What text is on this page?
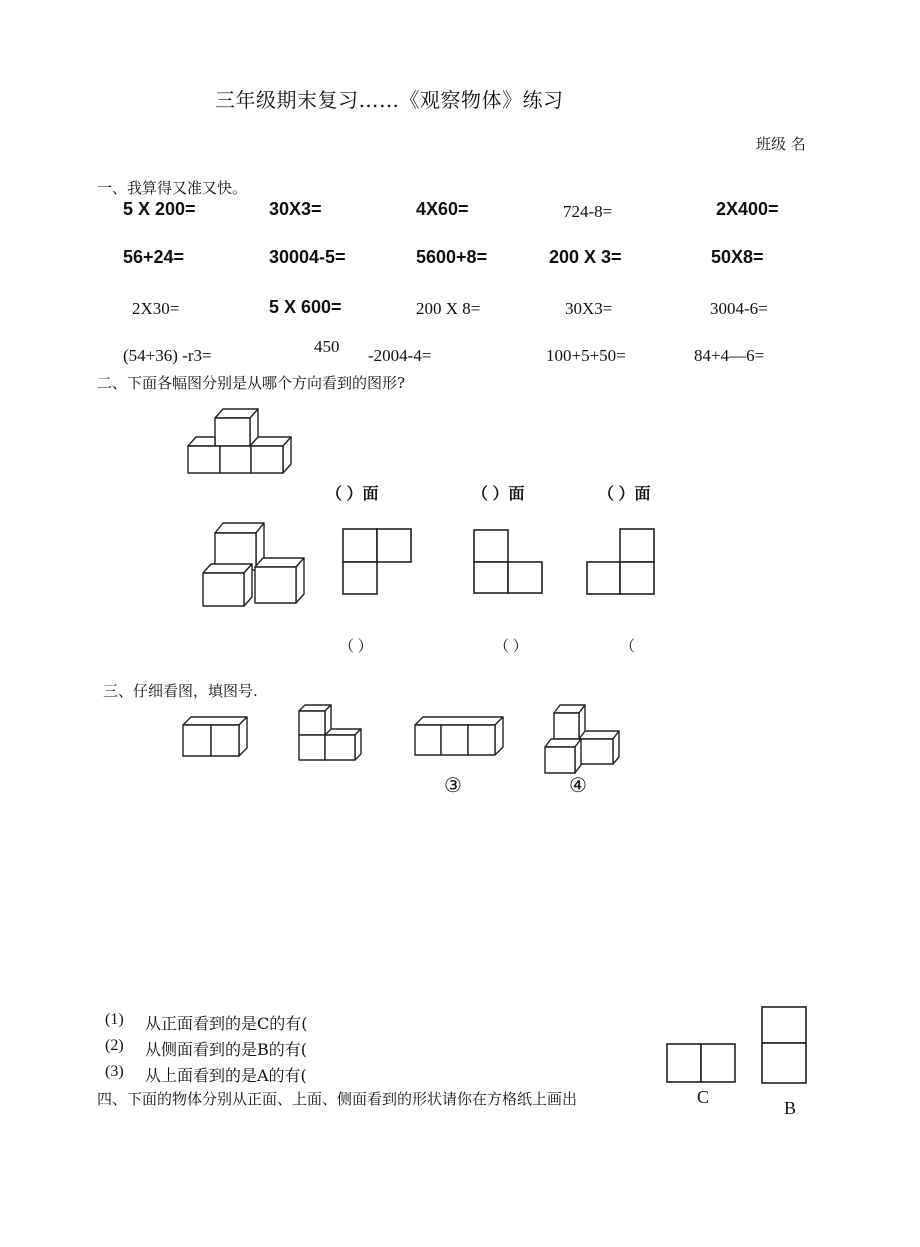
三年级期末复习……《观察物体》练习
班级 名
一、我算得又准又快。
5 X 200=	30X3=	4X60=	724-8=	2X400=
56+24=	30004-5=	5600+8=	200 X 3=	50X8=
2X30=	5 X 600=	200 X 8=	30X3=	3004-6=
(54+36) -r3=	450 -2004-4=	100+5+50=	84+4—6=
二、下面各幅图分别是从哪个方向看到的图形?
（ ）面	（ ）面	（ ）面
（ ）	（ ）	（
三、仔细看图，填图号.
③	④
(1) 从正面看到的是C的有(
(2) 从侧面看到的是B的有(
(3) 从上面看到的是A的有(
四、下面的物体分别从正面、上面、侧面看到的形状请你在方格纸上画出	C
B
